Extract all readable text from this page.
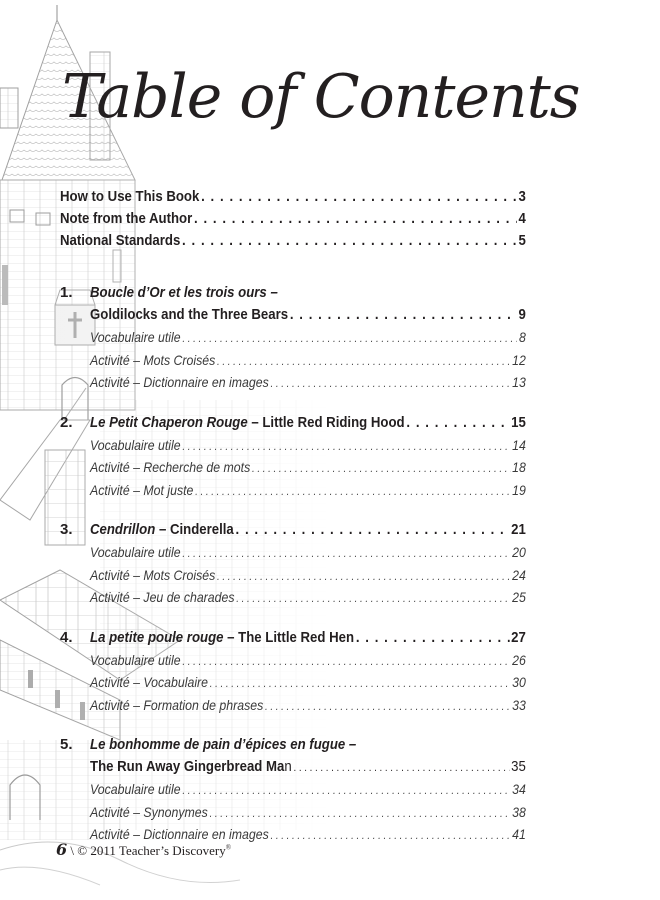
Table of Contents
How to Use This Book . . .	3
Note from the Author . . .	4
National Standards . . .	5
1. Boucle d’Or et les trois ours –
Goldilocks and the Three Bears . . .	9
Vocabulaire utile . . .	8
Activité – Mots Croisés . . .	12
Activité – Dictionnaire en images . . .	13
2. Le Petit Chaperon Rouge – Little Red Riding Hood . . .	15
Vocabulaire utile . . .	14
Activité – Recherche de mots . . .	18
Activité – Mot juste . . .	19
3. Cendrillon – Cinderella . . .	21
Vocabulaire utile . . .	20
Activité – Mots Croisés . . .	24
Activité – Jeu de charades . . .	25
4. La petite poule rouge – The Little Red Hen . . .	27
Vocabulaire utile . . .	26
Activité – Vocabulaire . . .	30
Activité – Formation de phrases . . .	33
5. Le bonhomme de pain d’épices en fugue –
The Run Away Gingerbread Man . . .	35
Vocabulaire utile . . .	34
Activité – Synonymes . . .	38
Activité – Dictionnaire en images . . .	41
6 \ © 2011 Teacher’s Discovery®
